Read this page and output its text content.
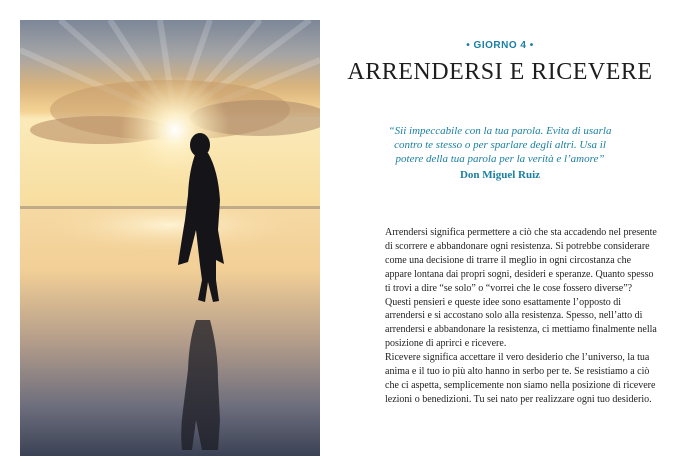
• GIORNO 4 •
ARRENDERSI E RICEVERE
“Sii impeccabile con la tua parola. Evita di usarla contro te stesso o per sparlare degli altri. Usa il potere della tua parola per la verità e l’amore”
Don Miguel Ruiz

Arrendersi significa permettere a ciò che sta accadendo nel presente di scorrere e abbandonare ogni resistenza. Si potrebbe considerare come una decisione di trarre il meglio in ogni circostanza che appare lontana dai propri sogni, desideri e speranze. Quanto spesso ti trovi a dire “se solo” o “vorrei che le cose fossero diverse”? Questi pensieri e queste idee sono esattamente l’opposto di arrendersi e si accostano solo alla resistenza. Spesso, nell’atto di arrendersi e abbandonare la resistenza, ci mettiamo finalmente nella posizione di aprirci e ricevere.

Ricevere significa accettare il vero desiderio che l’universo, la tua anima e il tuo io più alto hanno in serbo per te. Se resistiamo a ciò che ci aspetta, semplicemente non siamo nella posizione di ricevere lezioni o benedizioni. Tu sei nato per realizzare ogni tuo desiderio.
